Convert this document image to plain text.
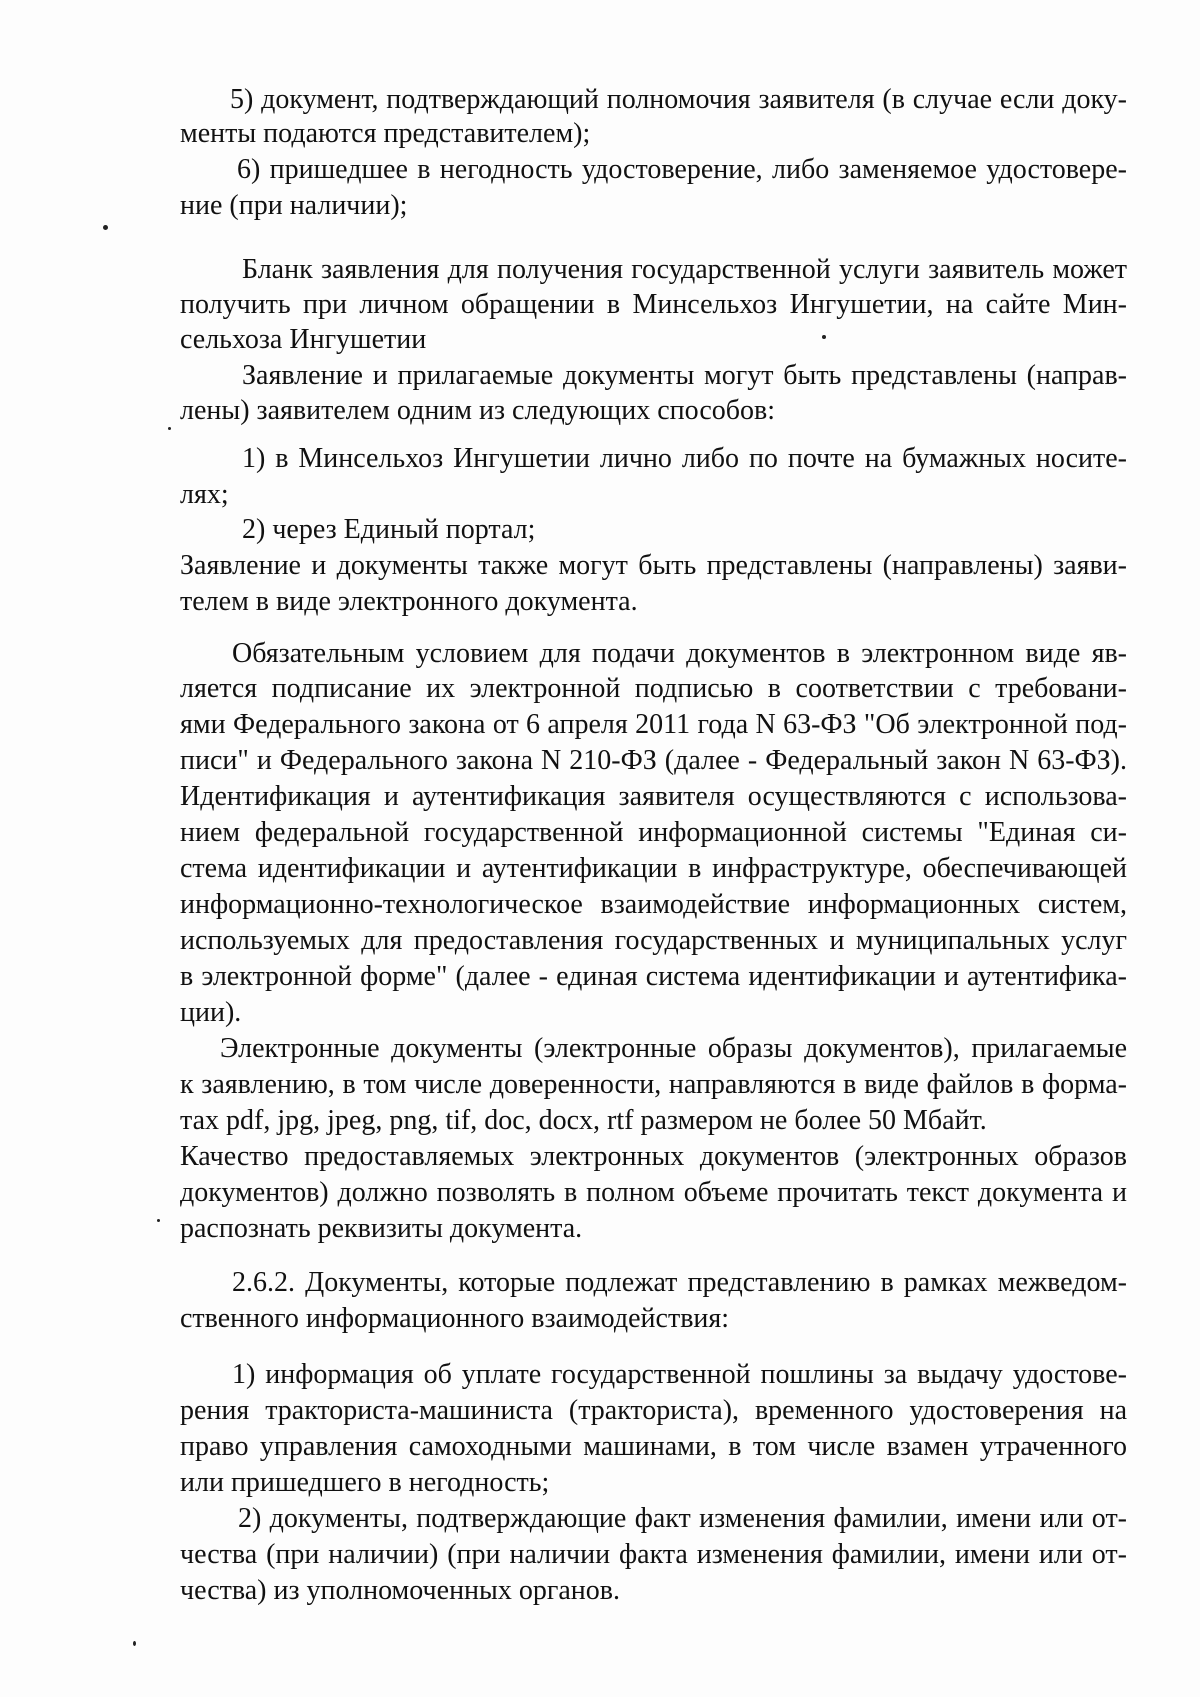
5) документ, подтверждающий полномочия заявителя (в случае если доку-
менты подаются представителем);
6) пришедшее в негодность удостоверение, либо заменяемое удостовере-
ние (при наличии);
Бланк заявления для получения государственной услуги заявитель может
получить при личном обращении в Минсельхоз Ингушетии, на сайте Мин-
сельхоза Ингушетии
Заявление и прилагаемые документы могут быть представлены (направ-
лены) заявителем одним из следующих способов:
1) в Минсельхоз Ингушетии лично либо по почте на бумажных носите-
лях;
2) через Единый портал;
Заявление и документы также могут быть представлены (направлены) заяви-
телем в виде электронного документа.
Обязательным условием для подачи документов в электронном виде яв-
ляется подписание их электронной подписью в соответствии с требовани-
ями Федерального закона от 6 апреля 2011 года N 63-ФЗ "Об электронной под-
писи" и Федерального закона N 210-ФЗ (далее - Федеральный закон N 63-ФЗ).
Идентификация и аутентификация заявителя осуществляются с использова-
нием федеральной государственной информационной системы "Единая си-
стема идентификации и аутентификации в инфраструктуре, обеспечивающей
информационно-технологическое взаимодействие информационных систем,
используемых для предоставления государственных и муниципальных услуг
в электронной форме" (далее - единая система идентификации и аутентифика-
ции).
Электронные документы (электронные образы документов), прилагаемые
к заявлению, в том числе доверенности, направляются в виде файлов в форма-
тах pdf, jpg, jpeg, png, tif, doc, docx, rtf размером не более 50 Мбайт.
Качество предоставляемых электронных документов (электронных образов
документов) должно позволять в полном объеме прочитать текст документа и
распознать реквизиты документа.
2.6.2. Документы, которые подлежат представлению в рамках межведом-
ственного информационного взаимодействия:
1) информация об уплате государственной пошлины за выдачу удостове-
рения тракториста-машиниста (тракториста), временного удостоверения на
право управления самоходными машинами, в том числе взамен утраченного
или пришедшего в негодность;
2) документы, подтверждающие факт изменения фамилии, имени или от-
чества (при наличии) (при наличии факта изменения фамилии, имени или от-
чества) из уполномоченных органов.
